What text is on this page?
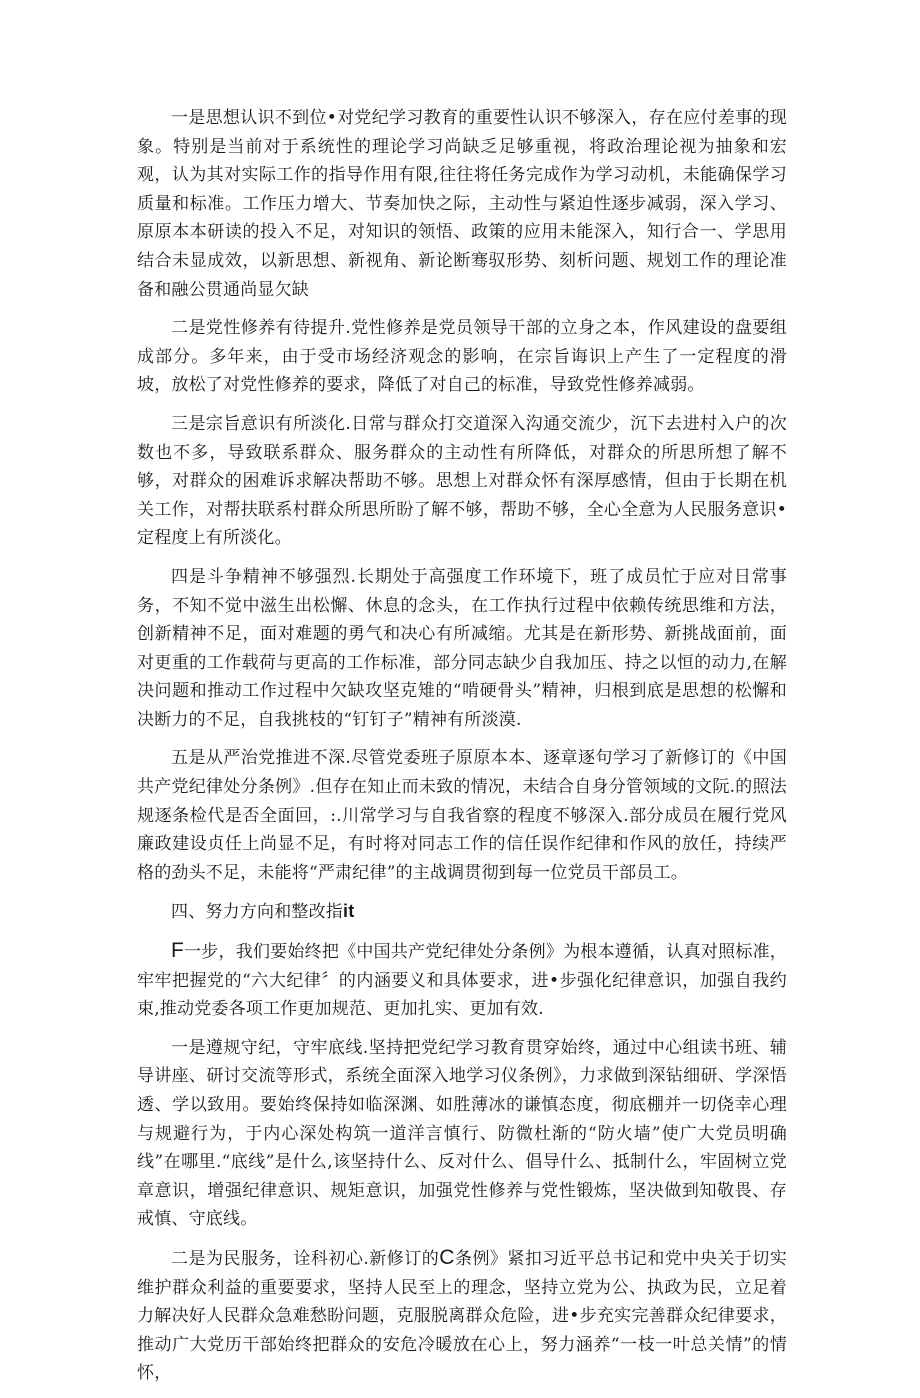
一是思想认识不到位•对党纪学习教育的重要性认识不够深入，存在应付差事的现象。特别是当前对于系统性的理论学习尚缺乏足够重视，将政治理论视为抽象和宏观，认为其对实际工作的指导作用有限,往往将任务完成作为学习动机，未能确保学习质量和标准。工作压力增大、节奏加快之际，主动性与紧迫性逐步减弱，深入学习、原原本本研读的投入不足，对知识的领悟、政策的应用未能深入，知行合一、学思用结合未显成效，以新思想、新视角、新论断骞驭形势、刻析问题、规划工作的理论准备和融公贯通尚显欠缺

二是党性修养有待提升.党性修养是党员领导干部的立身之本，作风建设的盘要组成部分。多年来，由于受市场经济观念的影响，在宗旨诲识上产生了一定程度的滑坡，放松了对党性修养的要求，降低了对自己的标准，导致党性修养减弱。

三是宗旨意识有所淡化.日常与群众打交道深入沟通交流少，沉下去进村入户的次数也不多，导致联系群众、服务群众的主动性有所降低，对群众的所思所想了解不够，对群众的困难诉求解决帮助不够。思想上对群众怀有深厚感情，但由于长期在机关工作，对帮扶联系村群众所思所盼了解不够，帮助不够，全心全意为人民服务意识•定程度上有所淡化。

四是斗争精神不够强烈.长期处于高强度工作环境下，班了成员忙于应对日常事务，不知不觉中滋生出松懈、休息的念头，在工作执行过程中依赖传统思维和方法，创新精神不足，面对难题的勇气和决心有所减缩。尤其是在新形势、新挑战面前，面对更重的工作载荷与更高的工作标准，部分同志缺少自我加压、持之以恒的动力,在解决问题和推动工作过程中欠缺攻坚克雉的“啃硬骨头”精神，归根到底是思想的松懈和决断力的不足，自我挑枝的“钉钉子”精神有所淡漠.

五是从严治党推进不深.尽管党委班子原原本本、逐章逐句学习了新修订的《中国共产党纪律处分条例》.但存在知止而未致的情况，未结合自身分管领域的文阮.的照法规逐条检代是否全面回，:.川常学习与自我省察的程度不够深入.部分成员在履行党风廉政建设贞任上尚显不足，有时将对同志工作的信任误作纪律和作风的放任，持续严格的劲头不足，未能将“严肃纪律”的主战调贯彻到每一位党员干部员工。

四、努力方向和整改指it

F一步，我们要始终把《中国共产党纪律处分条例》为根本遵循，认真对照标准，牢牢把握党的“六大纪律〞的内涵要义和具体要求，进•步强化纪律意识，加强自我约束,推动党委各项工作更加规范、更加扎实、更加有效.

一是遵规守纪，守牢底线.坚持把党纪学习教育贯穿始终，通过中心组读书班、辅导讲座、研讨交流等形式，系统全面深入地学习仪条例》，力求做到深钻细研、学深悟透、学以致用。要始终保持如临深渊、如胜薄冰的谦慎态度，彻底棚并一切侥幸心理与规避行为，于内心深处构筑一道洋言慎行、防微杜渐的“防火墙”使广大党员明确线”在哪里.“底线”是什么,该坚持什么、反对什么、倡导什么、抵制什么，牢固树立党章意识，增强纪律意识、规矩意识，加强党性修养与党性锻炼，坚决做到知敬畏、存戒慎、守底线。

二是为民服务，诠科初心.新修订的C条例》紧扣习近平总书记和党中央关于切实维护群众利益的重要要求，坚持人民至上的理念，坚持立党为公、执政为民，立足着力解决好人民群众急难愁盼问题，克服脱离群众危险，进•步充实完善群众纪律要求，推动广大党历干部始终把群众的安危冷暖放在心上，努力涵养“一枝一叶总关情”的情怀，
